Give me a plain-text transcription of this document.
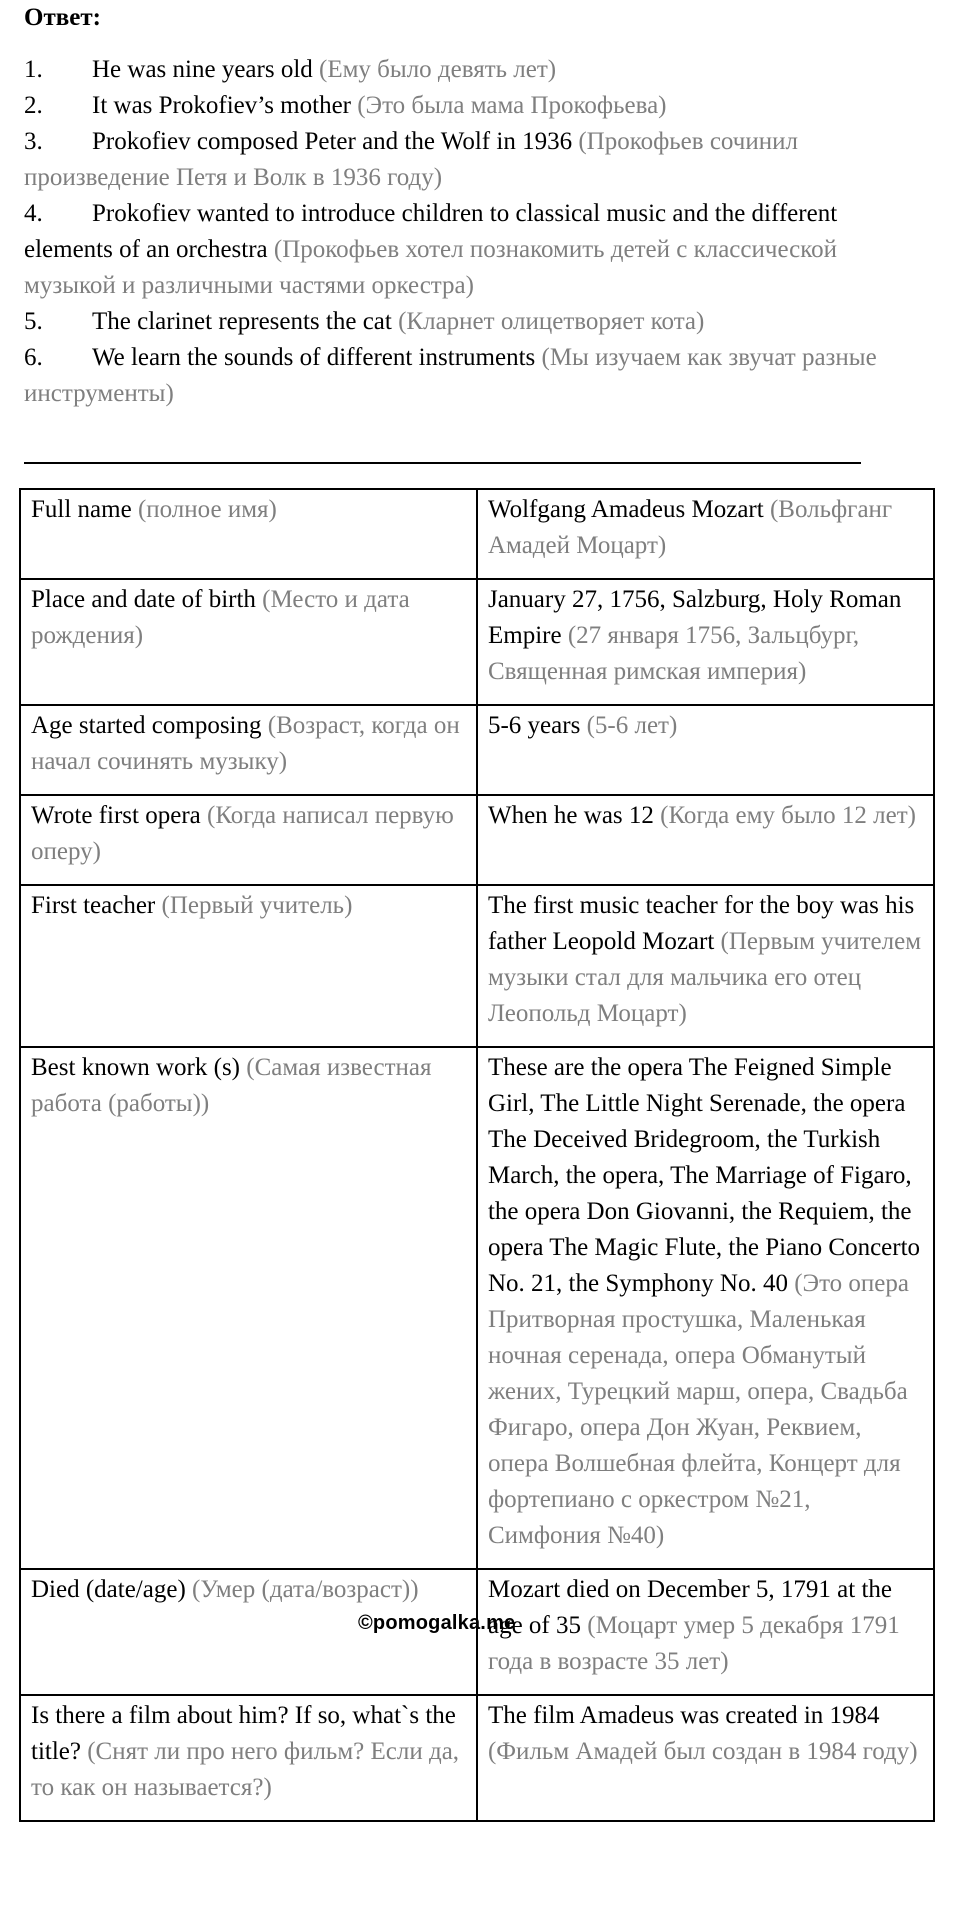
Ответ:

1. He was nine years old (Ему было девять лет)

2. It was Prokofiev’s mother (Это была мама Прокофьева)

3. Prokofiev composed Peter and the Wolf in 1936 (Прокофьев сочинил произведение Петя и Волк в 1936 году)

4. Prokofiev wanted to introduce children to classical music and the different elements of an orchestra (Прокофьев хотел познакомить детей с классической музыкой и различными частями оркестра)

5. The clarinet represents the cat (Кларнет олицетворяет кота)

6. We learn the sounds of different instruments (Мы изучаем как звучат разные инструменты)

Full name (полное имя)	Wolfgang Amadeus Mozart (Вольфганг Амадей Моцарт)
Place and date of birth (Место и дата рождения)	January 27, 1756, Salzburg, Holy Roman Empire (27 января 1756, Зальцбург, Священная римская империя)
Age started composing (Возраст, когда он начал сочинять музыку)	5-6 years (5-6 лет)
Wrote first opera (Когда написал первую оперу)	When he was 12 (Когда ему было 12 лет)
First teacher (Первый учитель)	The first music teacher for the boy was his father Leopold Mozart (Первым учителем музыки стал для мальчика его отец Леопольд Моцарт)
Best known work (s) (Самая известная работа (работы))	These are the opera The Feigned Simple Girl, The Little Night Serenade, the opera The Deceived Bridegroom, the Turkish March, the opera, The Marriage of Figaro, the opera Don Giovanni, the Requiem, the opera The Magic Flute, the Piano Concerto No. 21, the Symphony No. 40 (Это опера Притворная простушка, Маленькая ночная серенада, опера Обманутый жених, Турецкий марш, опера, Свадьба Фигаро, опера Дон Жуан, Реквием, опера Волшебная флейта, Концерт для фортепиано с оркестром №21, Симфония №40)
Died (date/age) (Умер (дата/возраст))	Mozart died on December 5, 1791 at the age of 35 (Моцарт умер 5 декабря 1791 года в возрасте 35 лет)
Is there a film about him? If so, what`s the title? (Снят ли про него фильм? Если да, то как он называется?)	The film Amadeus was created in 1984 (Фильм Амадей был создан в 1984 году)
©pomogalka.me
